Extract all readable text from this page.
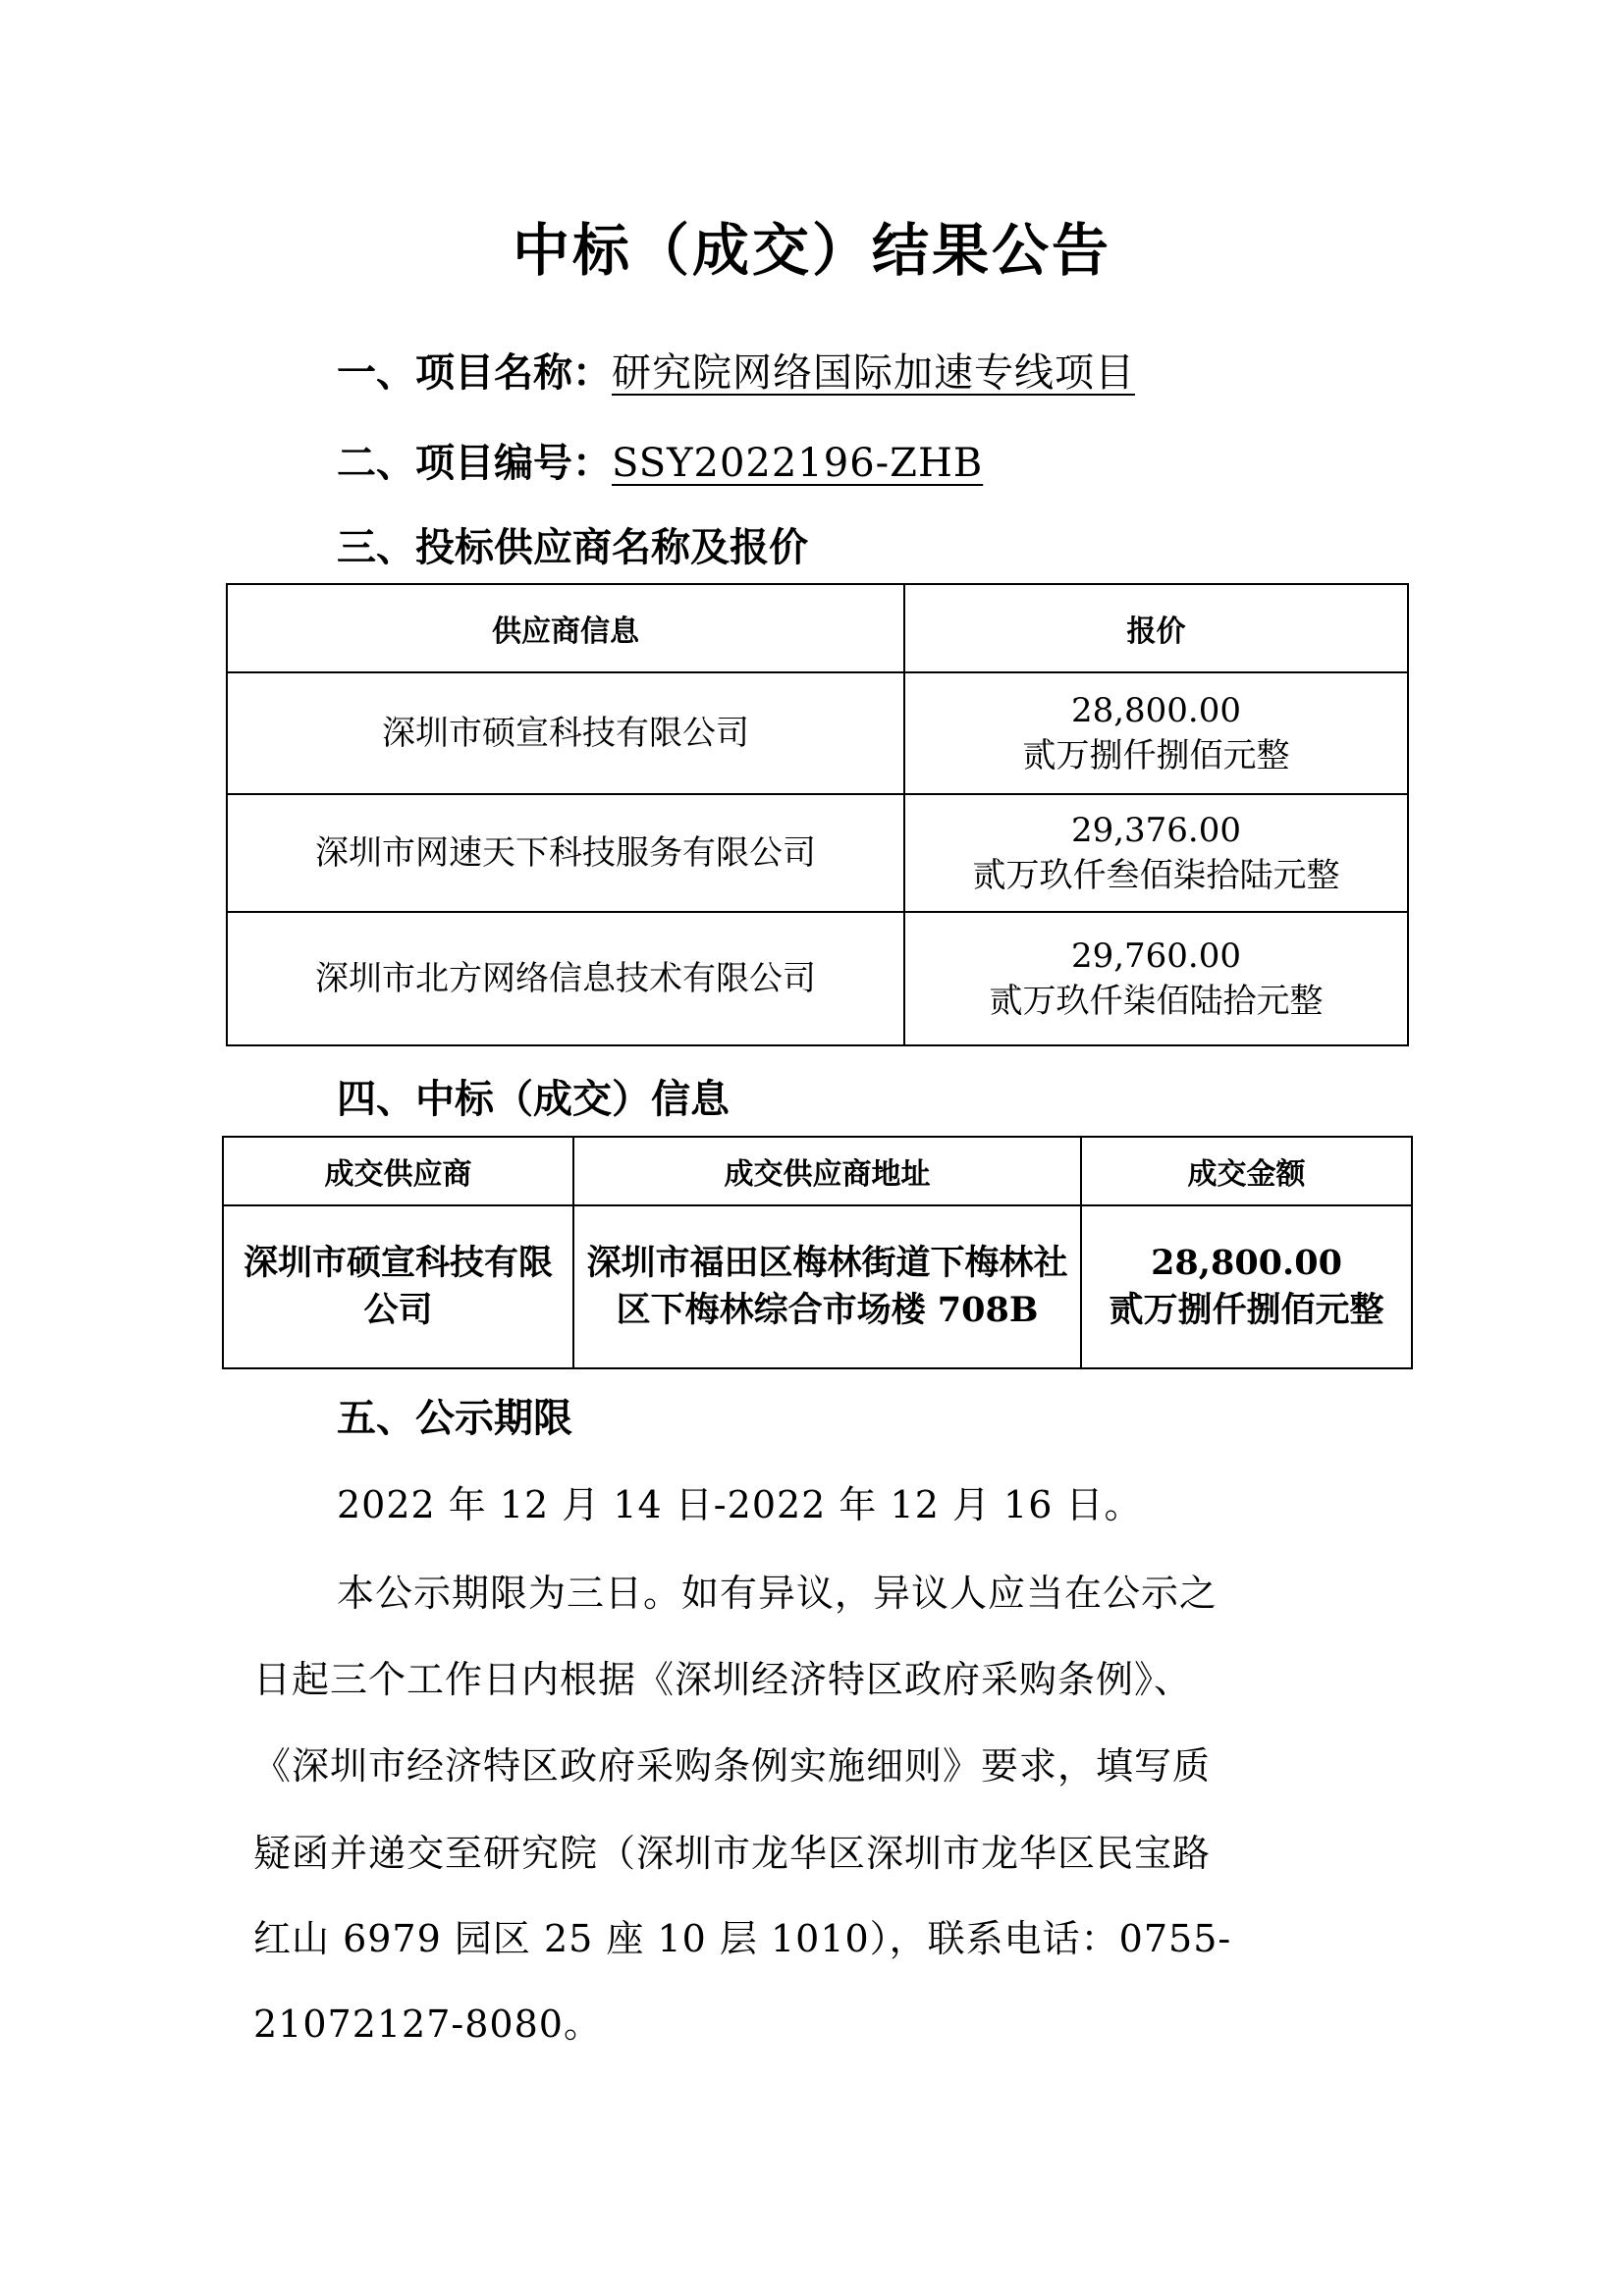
中标（成交）结果公告
一、项目名称：研究院网络国际加速专线项目
二、项目编号：SSY2022196-ZHB
三、投标供应商名称及报价
供应商信息	报价
深圳市硕宣科技有限公司	28,800.00
贰万捌仟捌佰元整

深圳市网速天下科技服务有限公司	29,376.00
贰万玖仟叁佰柒拾陆元整

深圳市北方网络信息技术有限公司	29,760.00
贰万玖仟柒佰陆拾元整
四、中标（成交）信息
成交供应商	成交供应商地址	成交金额
深圳市硕宣科技有限公司	深圳市福田区梅林街道下梅林社区下梅林综合市场楼 708B	28,800.00
贰万捌仟捌佰元整
五、公示期限
2022 年 12 月 14 日-2022 年 12 月 16 日。
本公示期限为三日。如有异议，异议人应当在公示之
日起三个工作日内根据《深圳经济特区政府采购条例》、
《深圳市经济特区政府采购条例实施细则》要求，填写质
疑函并递交至研究院（深圳市龙华区深圳市龙华区民宝路
红山 6979 园区 25 座 10 层 1010），联系电话：0755-
21072127-8080。
